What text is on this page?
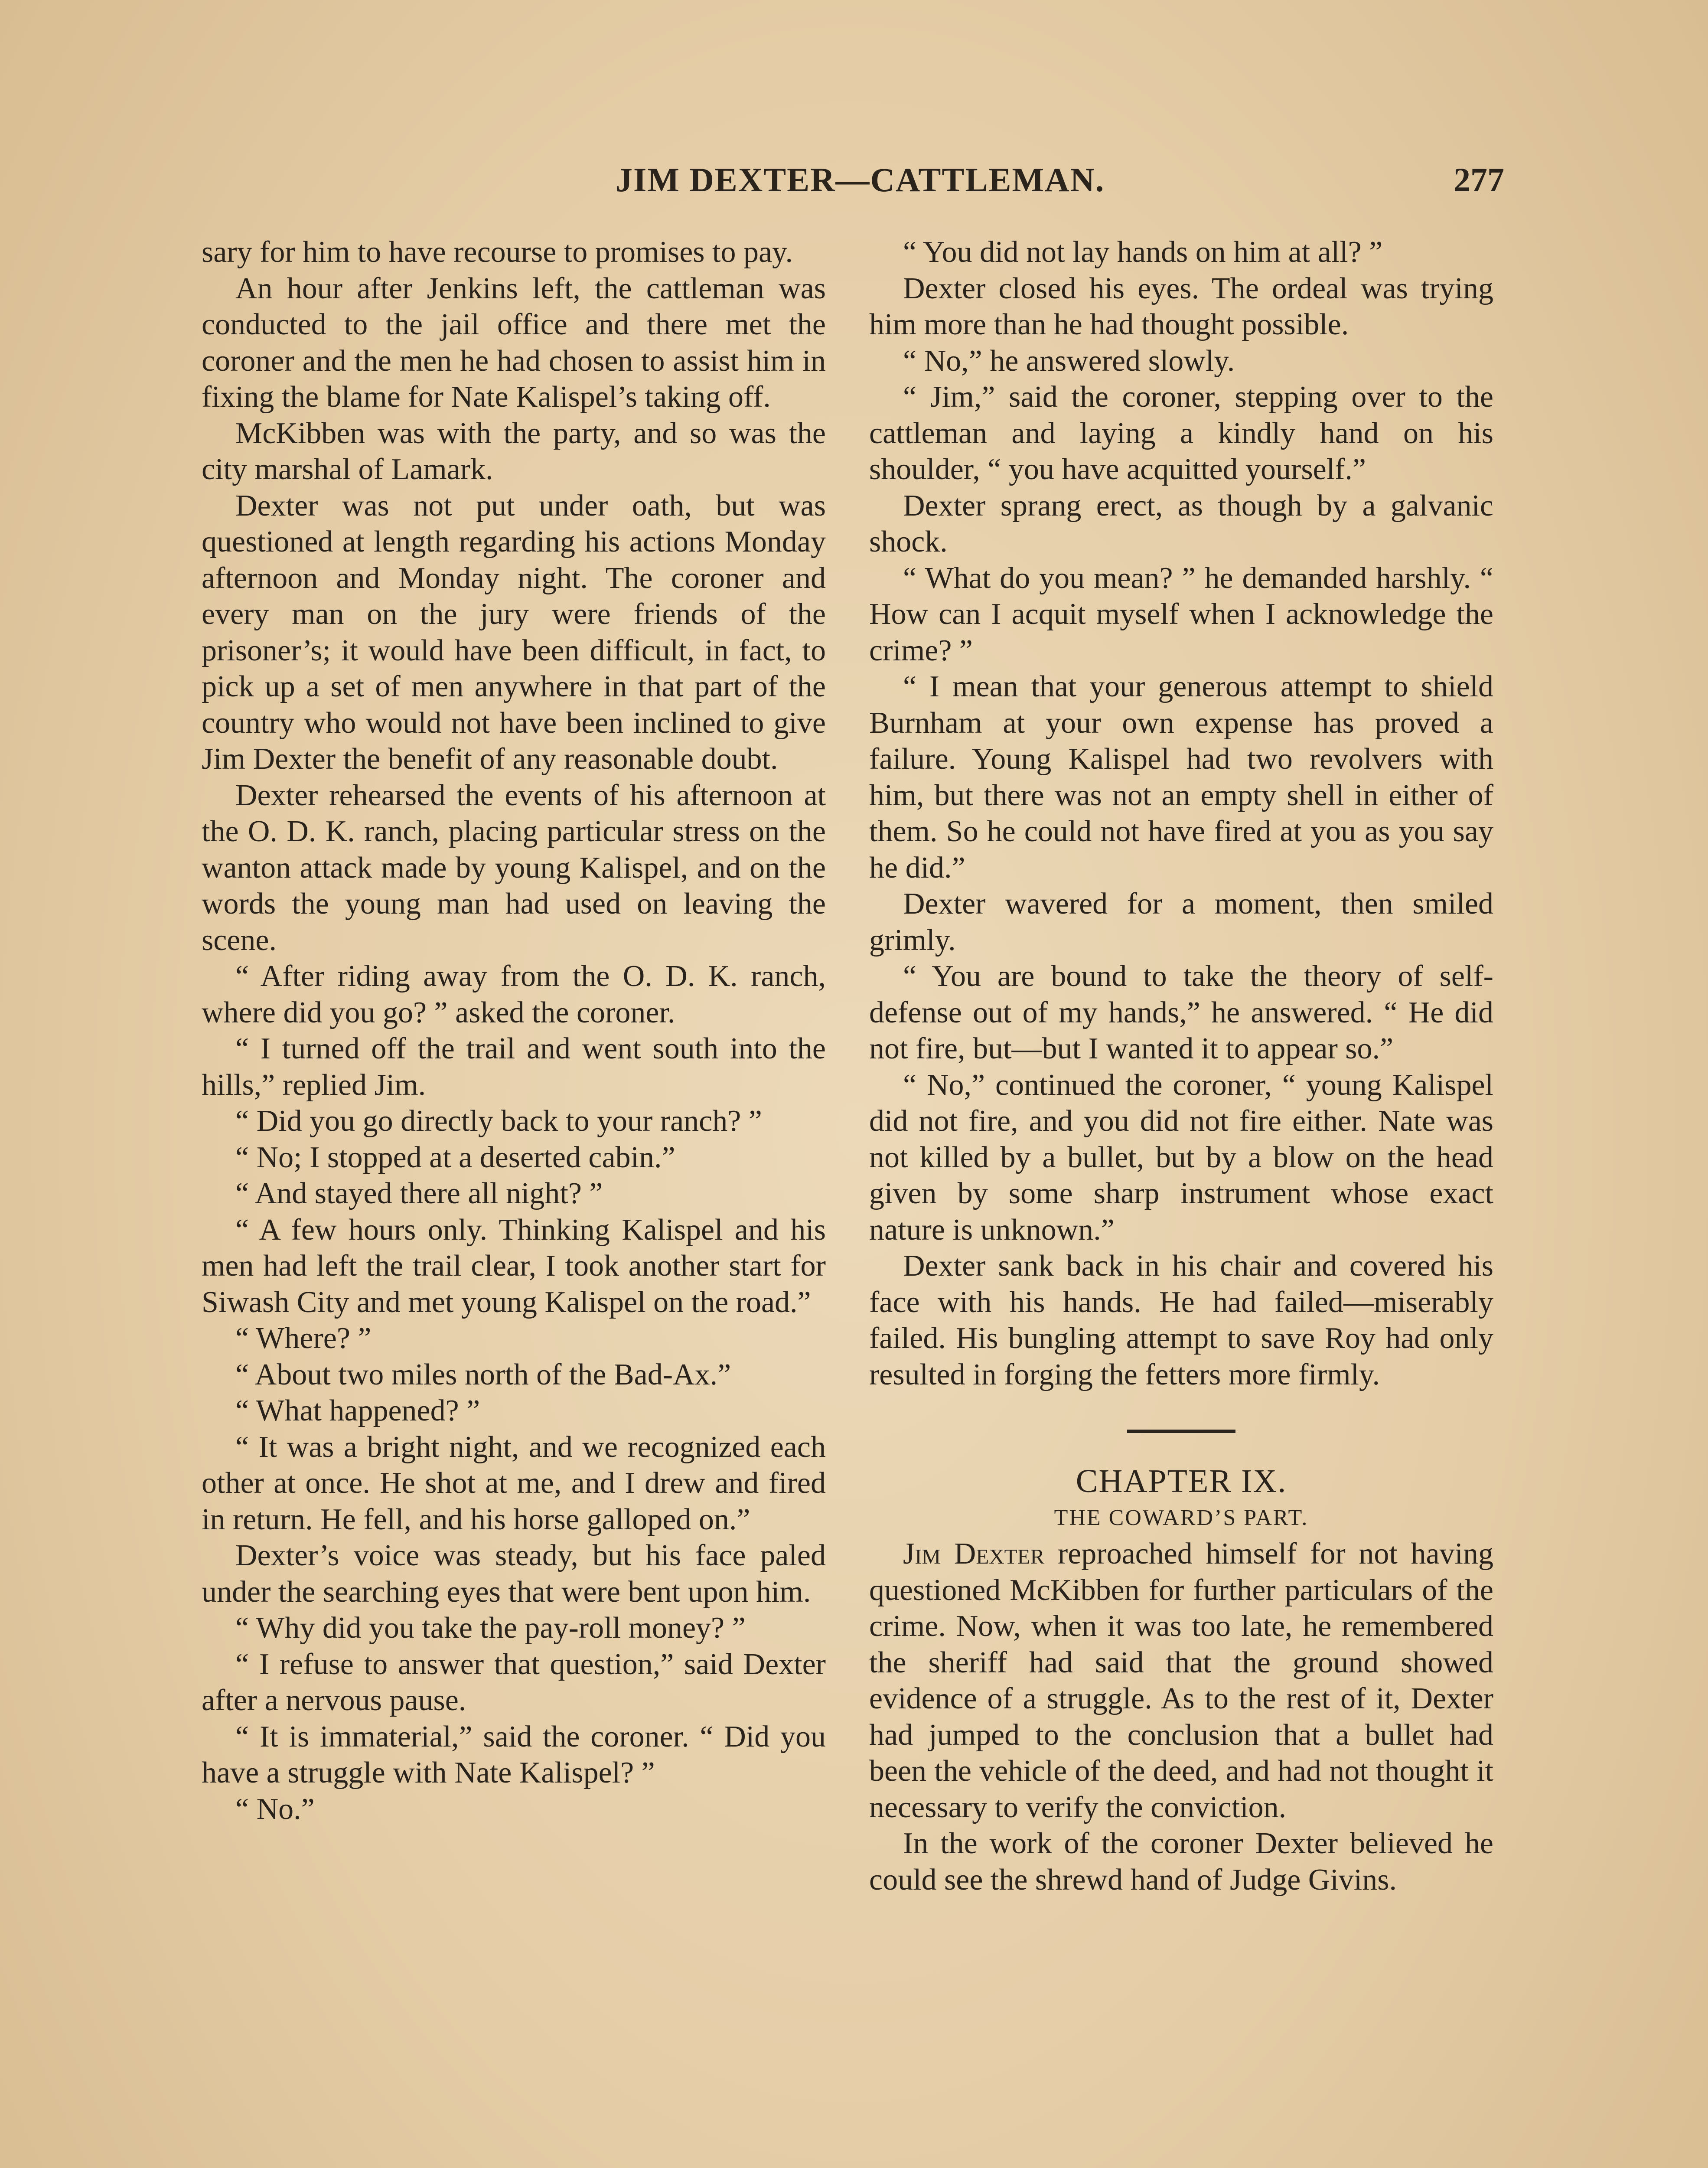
JIM DEXTER—CATTLEMAN.	277

sary for him to have recourse to promises to pay.

An hour after Jenkins left, the cattleman was conducted to the jail office and there met the coroner and the men he had chosen to assist him in fixing the blame for Nate Kalispel’s taking off.

McKibben was with the party, and so was the city marshal of Lamark.

Dexter was not put under oath, but was questioned at length regarding his actions Monday afternoon and Monday night. The coroner and every man on the jury were friends of the prisoner’s; it would have been difficult, in fact, to pick up a set of men anywhere in that part of the country who would not have been inclined to give Jim Dexter the benefit of any reasonable doubt.

Dexter rehearsed the events of his afternoon at the O. D. K. ranch, placing particular stress on the wanton attack made by young Kalispel, and on the words the young man had used on leaving the scene.

“ After riding away from the O. D. K. ranch, where did you go? ” asked the coroner.

“ I turned off the trail and went south into the hills,” replied Jim.

“ Did you go directly back to your ranch? ”

“ No; I stopped at a deserted cabin.”

“ And stayed there all night? ”

“ A few hours only. Thinking Kalispel and his men had left the trail clear, I took another start for Siwash City and met young Kalispel on the road.”

“ Where? ”

“ About two miles north of the Bad-Ax.”

“ What happened? ”

“ It was a bright night, and we recognized each other at once. He shot at me, and I drew and fired in return. He fell, and his horse galloped on.”

Dexter’s voice was steady, but his face paled under the searching eyes that were bent upon him.

“ Why did you take the pay-roll money? ”

“ I refuse to answer that question,” said Dexter after a nervous pause.

“ It is immaterial,” said the coroner. “ Did you have a struggle with Nate Kalispel? ”

“ No.”

“ You did not lay hands on him at all? ”

Dexter closed his eyes. The ordeal was trying him more than he had thought possible.

“ No,” he answered slowly.

“ Jim,” said the coroner, stepping over to the cattleman and laying a kindly hand on his shoulder, “ you have acquitted yourself.”

Dexter sprang erect, as though by a galvanic shock.

“ What do you mean? ” he demanded harshly. “ How can I acquit myself when I acknowledge the crime? ”

“ I mean that your generous attempt to shield Burnham at your own expense has proved a failure. Young Kalispel had two revolvers with him, but there was not an empty shell in either of them. So he could not have fired at you as you say he did.”

Dexter wavered for a moment, then smiled grimly.

“ You are bound to take the theory of self-defense out of my hands,” he answered. “ He did not fire, but—but I wanted it to appear so.”

“ No,” continued the coroner, “ young Kalispel did not fire, and you did not fire either. Nate was not killed by a bullet, but by a blow on the head given by some sharp instrument whose exact nature is unknown.”

Dexter sank back in his chair and covered his face with his hands. He had failed—miserably failed. His bungling attempt to save Roy had only resulted in forging the fetters more firmly.

CHAPTER IX.

THE COWARD’S PART.

Jim Dexter reproached himself for not having questioned McKibben for further particulars of the crime. Now, when it was too late, he remembered the sheriff had said that the ground showed evidence of a struggle. As to the rest of it, Dexter had jumped to the conclusion that a bullet had been the vehicle of the deed, and had not thought it necessary to verify the conviction.

In the work of the coroner Dexter believed he could see the shrewd hand of Judge Givins.
